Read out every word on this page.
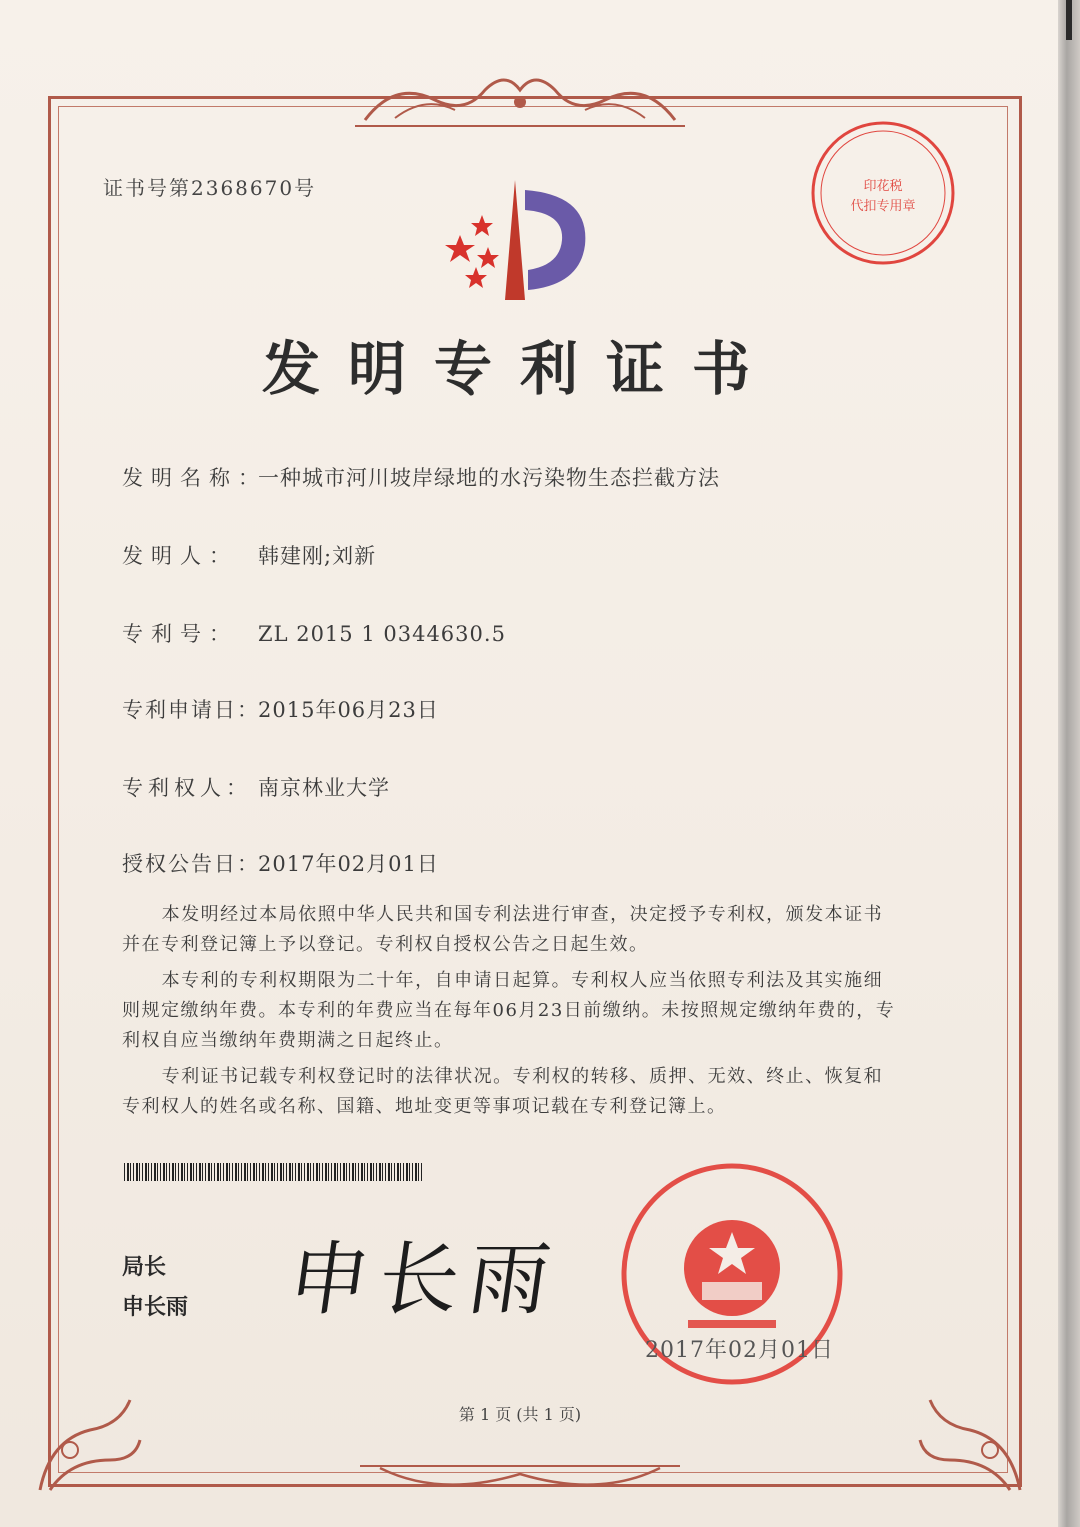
证书号第2368670号	印花税
代扣专用章
发明专利证书
发明名称：一种城市河川坡岸绿地的水污染物生态拦截方法
发明人： 韩建刚;刘新
专利号： ZL 2015 1 0344630.5
专利申请日：2015年06月23日
专利权人： 南京林业大学
授权公告日：2017年02月01日

本发明经过本局依照中华人民共和国专利法进行审查，决定授予专利权，颁发本证书并在专利登记簿上予以登记。专利权自授权公告之日起生效。

本专利的专利权期限为二十年，自申请日起算。专利权人应当依照专利法及其实施细则规定缴纳年费。本专利的年费应当在每年06月23日前缴纳。未按照规定缴纳年费的，专利权自应当缴纳年费期满之日起终止。

专利证书记载专利权登记时的法律状况。专利权的转移、质押、无效、终止、恢复和专利权人的姓名或名称、国籍、地址变更等事项记载在专利登记簿上。

局长
申长雨 申长雨
2017年02月01日
第 1 页 (共 1 页)
